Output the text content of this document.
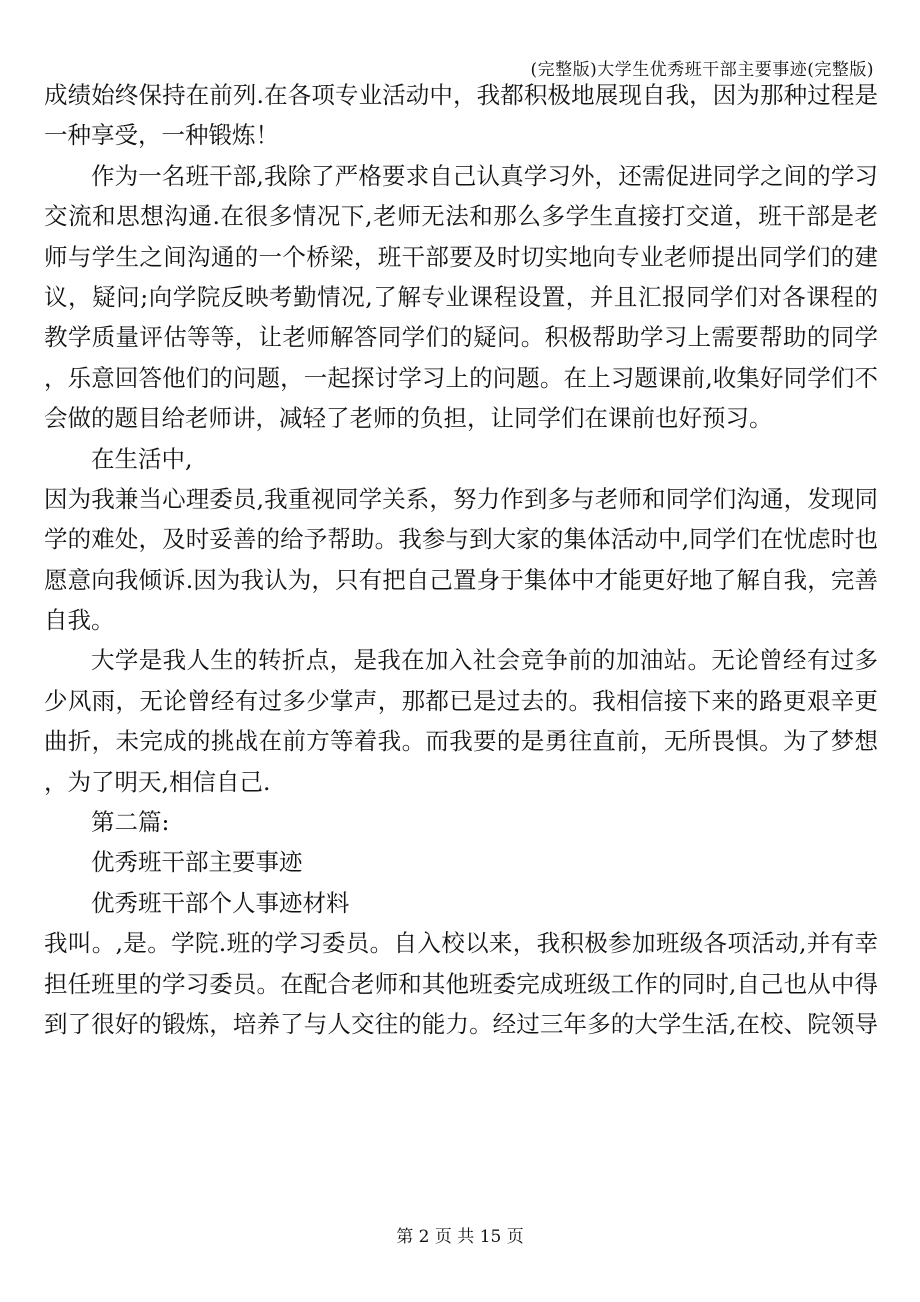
(完整版)大学生优秀班干部主要事迹(完整版)
成绩始终保持在前列.在各项专业活动中，我都积极地展现自我，因为那种过程是
一种享受，一种锻炼！
作为一名班干部,我除了严格要求自己认真学习外，还需促进同学之间的学习
交流和思想沟通.在很多情况下,老师无法和那么多学生直接打交道，班干部是老
师与学生之间沟通的一个桥梁，班干部要及时切实地向专业老师提出同学们的建
议，疑问;向学院反映考勤情况,了解专业课程设置，并且汇报同学们对各课程的
教学质量评估等等，让老师解答同学们的疑问。积极帮助学习上需要帮助的同学
，乐意回答他们的问题，一起探讨学习上的问题。在上习题课前,收集好同学们不
会做的题目给老师讲，减轻了老师的负担，让同学们在课前也好预习。
在生活中,
因为我兼当心理委员,我重视同学关系，努力作到多与老师和同学们沟通，发现同
学的难处，及时妥善的给予帮助。我参与到大家的集体活动中,同学们在忧虑时也
愿意向我倾诉.因为我认为，只有把自己置身于集体中才能更好地了解自我，完善
自我。
大学是我人生的转折点，是我在加入社会竞争前的加油站。无论曾经有过多
少风雨，无论曾经有过多少掌声，那都已是过去的。我相信接下来的路更艰辛更
曲折，未完成的挑战在前方等着我。而我要的是勇往直前，无所畏惧。为了梦想
，为了明天,相信自己.
第二篇:
优秀班干部主要事迹
优秀班干部个人事迹材料
我叫。,是。学院.班的学习委员。自入校以来，我积极参加班级各项活动,并有幸
担任班里的学习委员。在配合老师和其他班委完成班级工作的同时,自己也从中得
到了很好的锻炼，培养了与人交往的能力。经过三年多的大学生活,在校、院领导
第 2 页 共 15 页
